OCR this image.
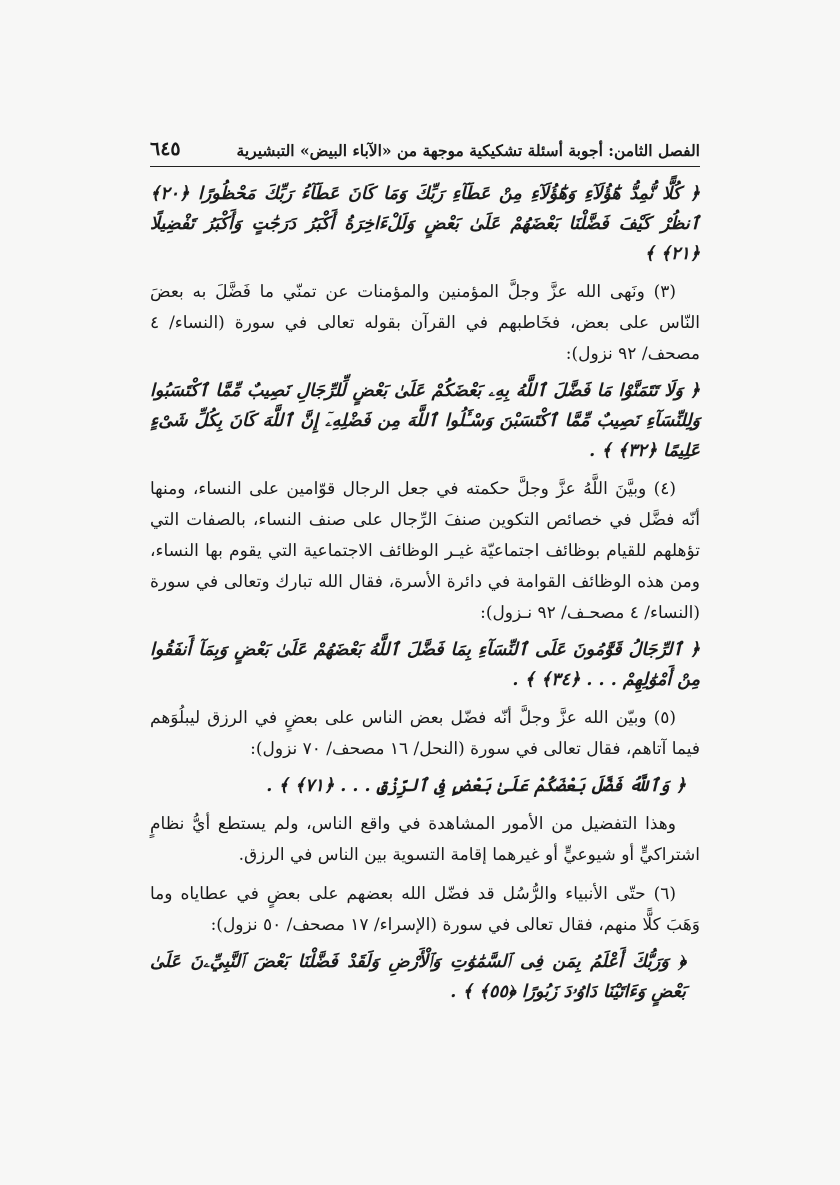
الفصل الثامن: أجوبة أسئلة تشكيكية موجهة من «الآباء البيض» التبشيرية
٦٤٥

﴿ كُلًّا نُّمِدُّ هَٰٓؤُلَآءِ وَهَٰٓؤُلَآءِ مِنْ عَطَآءِ رَبِّكَ وَمَا كَانَ عَطَآءُ رَبِّكَ مَحْظُورًا ﴿٢٠﴾ ٱنظُرْ كَيْفَ فَضَّلْنَا بَعْضَهُمْ عَلَىٰ بَعْضٍ وَلَلْءَاخِرَةُ أَكْبَرُ دَرَجَٰتٍ وَأَكْبَرُ تَفْضِيلًا ﴿٢١﴾ ﴾

(٣) ونَهى الله عزَّ وجلَّ المؤمنين والمؤمنات عن تمنّي ما فَضَّلَ به بعضَ النّاس على بعض، فخَاطبهم في القرآن بقوله تعالى في سورة (النساء/ ٤ مصحف/ ٩٢ نزول):

﴿ وَلَا تَتَمَنَّوْا مَا فَضَّلَ ٱللَّهُ بِهِۦ بَعْضَكُمْ عَلَىٰ بَعْضٍ لِّلرِّجَالِ نَصِيبٌ مِّمَّا ٱكْتَسَبُوا وَلِلنِّسَآءِ نَصِيبٌ مِّمَّا ٱكْتَسَبْنَ وَسْـَٔلُوا ٱللَّهَ مِن فَضْلِهِۦٓ إِنَّ ٱللَّهَ كَانَ بِكُلِّ شَىْءٍ عَلِيمًا ﴿٣٢﴾ ﴾ .

(٤) وبيَّنَ اللَّهُ عزَّ وجلَّ حكمته في جعل الرجال قوّامين على النساء، ومنها أنّه فضَّل في خصائص التكوين صنفَ الرِّجال على صنف النساء، بالصفات التي تؤهلهم للقيام بوظائف اجتماعيّة غيـر الوظائف الاجتماعية التي يقوم بها النساء، ومن هذه الوظائف القوامة في دائرة الأسرة، فقال الله تبارك وتعالى في سورة (النساء/ ٤ مصحـف/ ٩٢ نـزول):

﴿ ٱلرِّجَالُ قَوَّٰمُونَ عَلَى ٱلنِّسَآءِ بِمَا فَضَّلَ ٱللَّهُ بَعْضَهُمْ عَلَىٰ بَعْضٍ وَبِمَآ أَنفَقُوا مِنْ أَمْوَٰلِهِمْ . . . ﴿٣٤﴾ ﴾ .

(٥) وبيّن الله عزَّ وجلَّ أنّه فضّل بعض الناس على بعضٍ في الرزق ليبلُوَهم فيما آتاهم، فقال تعالى في سورة (النحل/ ١٦ مصحف/ ٧٠ نزول):

﴿ وَٱللَّهُ فَضَّلَ بَعْضَكُمْ عَلَىٰ بَعْضٍ فِى ٱلرِّزْقِ . . . ﴿٧١﴾ ﴾ .

وهذا التفضيل من الأمور المشاهدة في واقع الناس، ولم يستطع أيُّ نظامٍ اشتراكيٍّ أو شيوعيٍّ أو غيرهما إقامة التسوية بين الناس في الرزق.

(٦) حتّى الأنبياء والرُّسُل قد فضّل الله بعضهم على بعضٍ في عطاياه وما وَهَبَ كلًّا منهم، فقال تعالى في سورة (الإسراء/ ١٧ مصحف/ ٥٠ نزول):

﴿ وَرَبُّكَ أَعْلَمُ بِمَن فِى ٱلسَّمَٰوَٰتِ وَٱلْأَرْضِ وَلَقَدْ فَضَّلْنَا بَعْضَ ٱلنَّبِيِّۦنَ عَلَىٰ بَعْضٍ وَءَاتَيْنَا دَاوُۥدَ زَبُورًا ﴿٥٥﴾ ﴾ .
